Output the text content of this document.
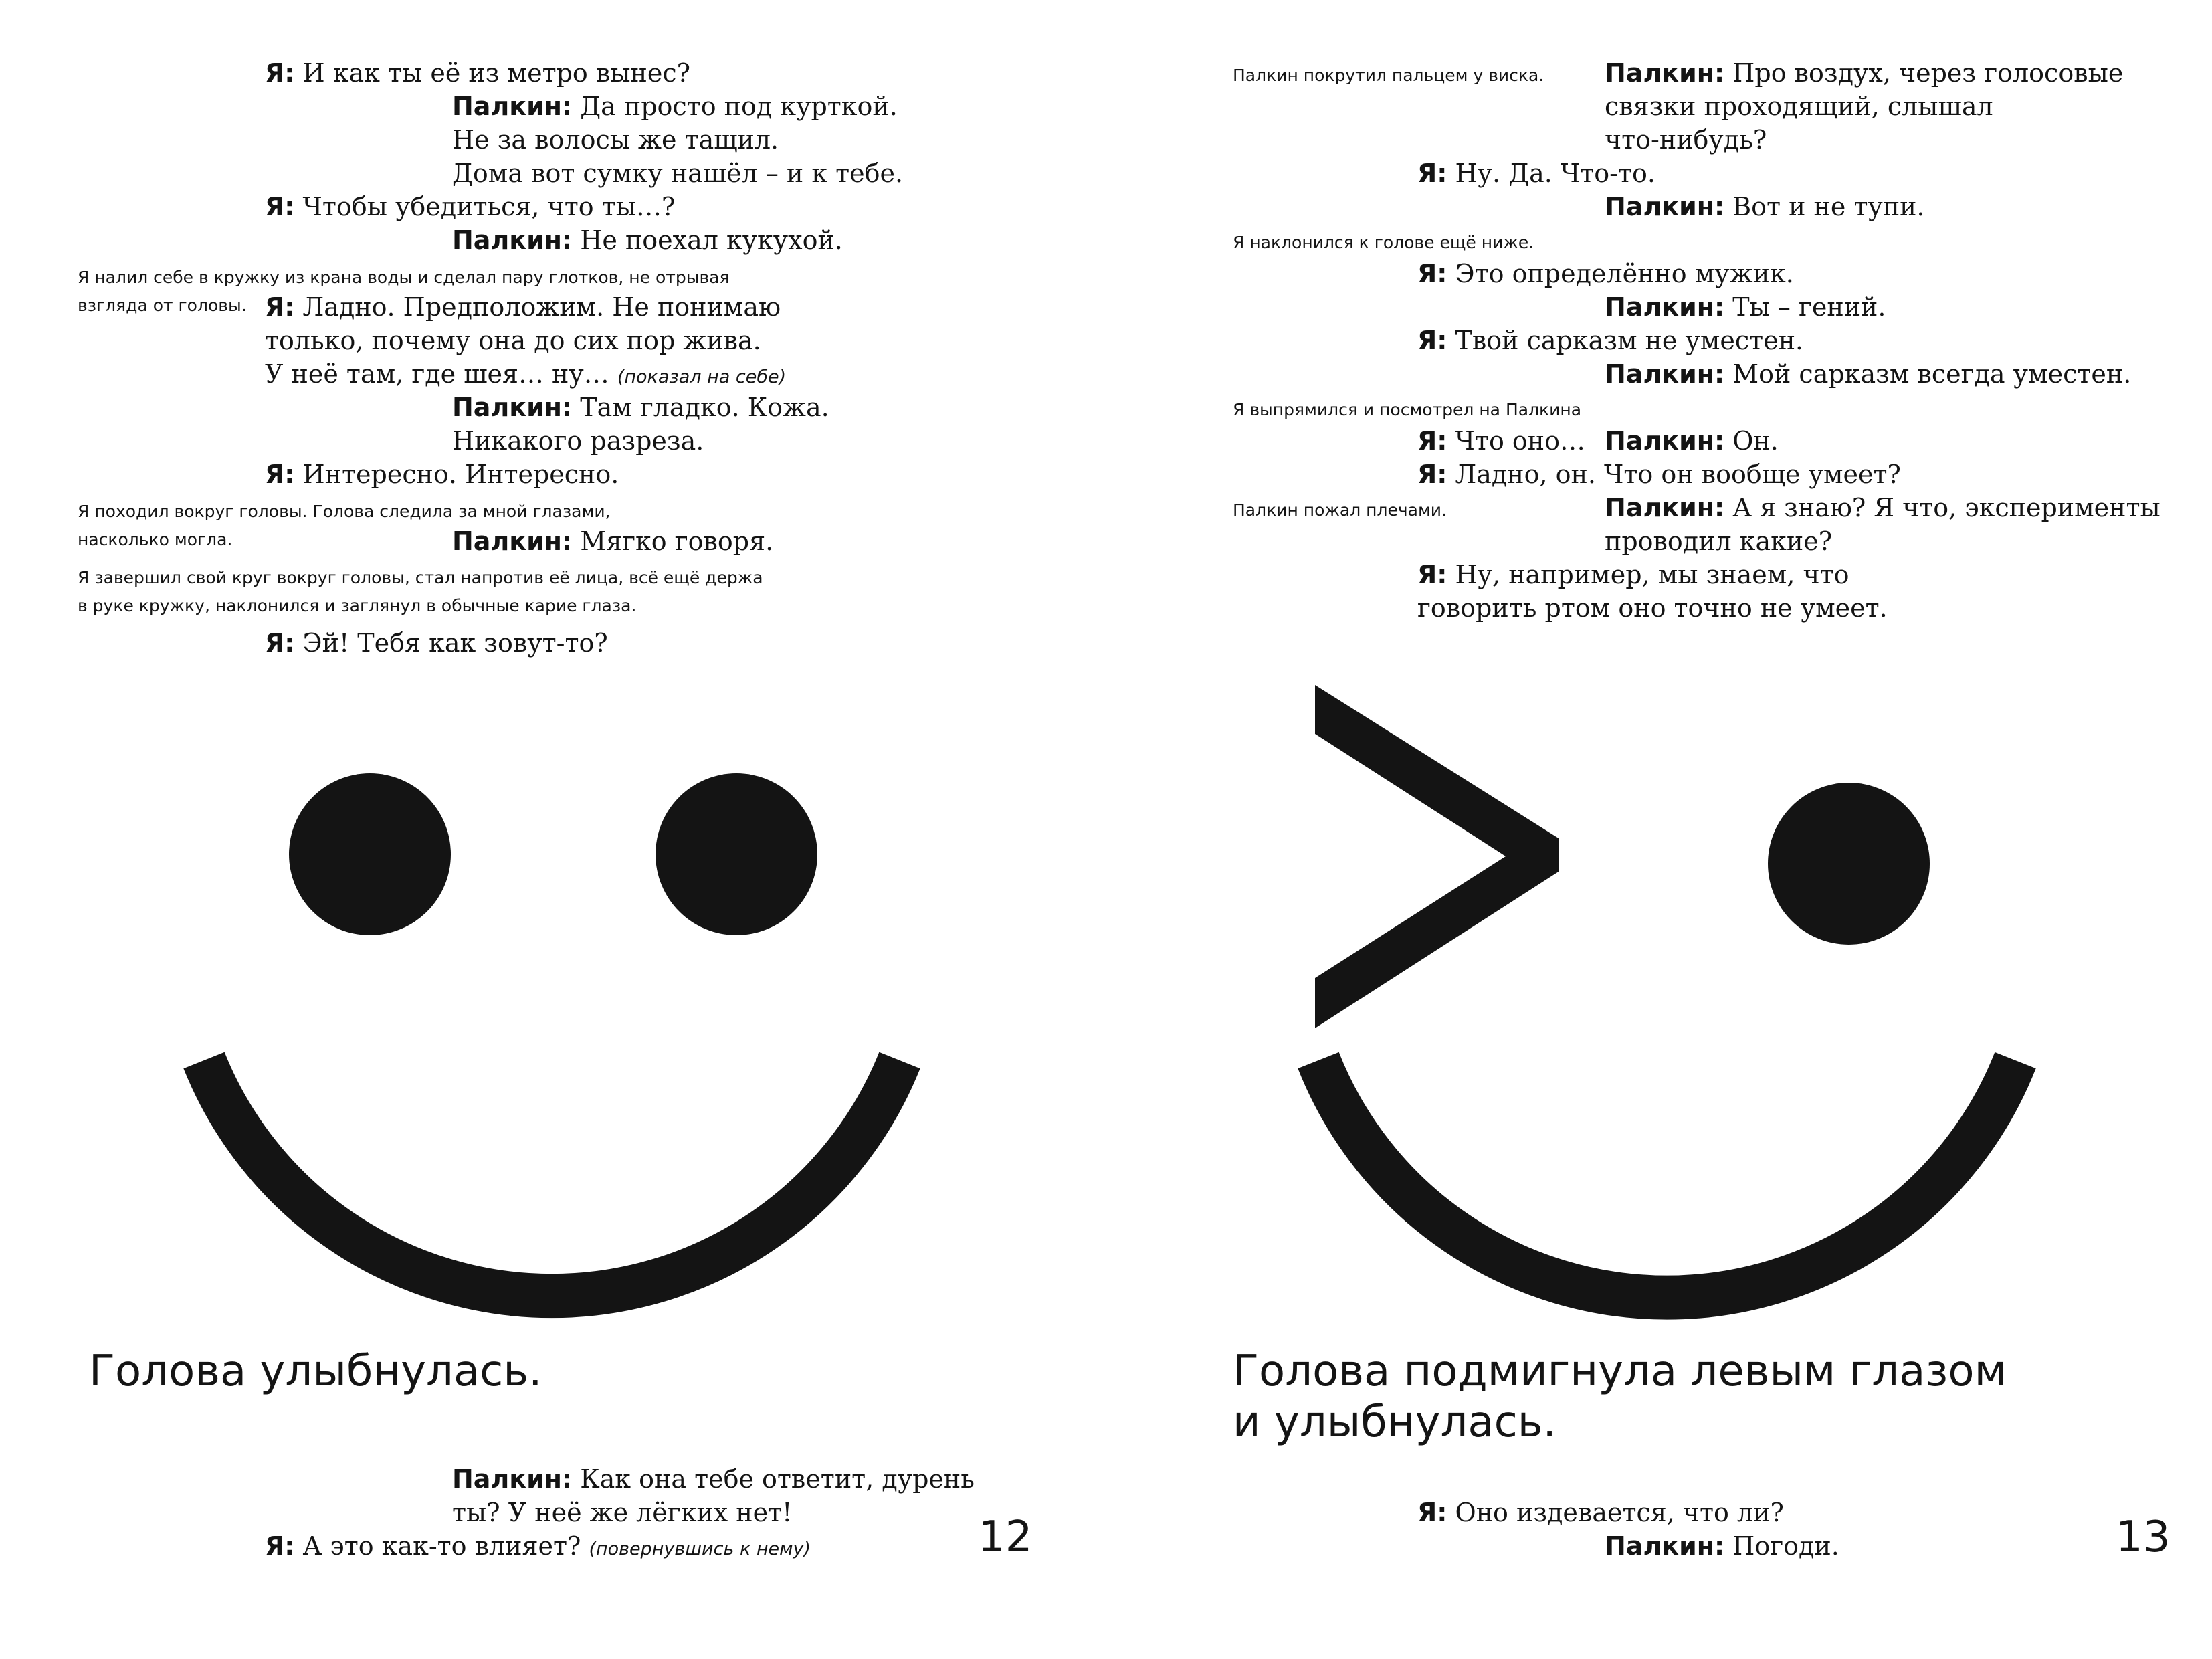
Я: И как ты её из метро вынес?
Палкин: Да просто под курткой.
Не за волосы же тащил.
Дома вот сумку нашёл – и к тебе.
Я: Чтобы убедиться, что ты…?
Палкин: Не поехал кукухой.
Я налил себе в кружку из крана воды и сделал пару глотков, не отрывая
взгляда от головы. Я: Ладно. Предположим. Не понимаю
только, почему она до сих пор жива.
У неё там, где шея… ну… (показал на себе)
Палкин: Там гладко. Кожа.
Никакого разреза.
Я: Интересно. Интересно.
Я походил вокруг головы. Голова следила за мной глазами,
насколько могла.	Палкин: Мягко говоря.
Я завершил свой круг вокруг головы, стал напротив её лица, всё ещё держа
в руке кружку, наклонился и заглянул в обычные карие глаза.
Я: Эй! Тебя как зовут-то?
Голова улыбнулась.
Палкин: Как она тебе ответит, дурень
ты? У неё же лёгких нет!
Я: А это как-то влияет? (повернувшись к нему)	12
Палкин покрутил пальцем у виска. Палкин: Про воздух, через голосовые
связки проходящий, слышал
что-нибудь?
Я: Ну. Да. Что-то.
Палкин: Вот и не тупи.
Я наклонился к голове ещё ниже.
Я: Это определённо мужик.
Палкин: Ты – гений.
Я: Твой сарказм не уместен.
Палкин: Мой сарказм всегда уместен.
Я выпрямился и посмотрел на Палкина
Я: Что оно… Палкин: Он.
Я: Ладно, он. Что он вообще умеет?
Палкин пожал плечами.	Палкин: А я знаю? Я что, эксперименты
проводил какие?
Я: Ну, например, мы знаем, что
говорить ртом оно точно не умеет.
Голова подмигнула левым глазом
и улыбнулась.
Я: Оно издевается, что ли?
Палкин: Погоди.	13
